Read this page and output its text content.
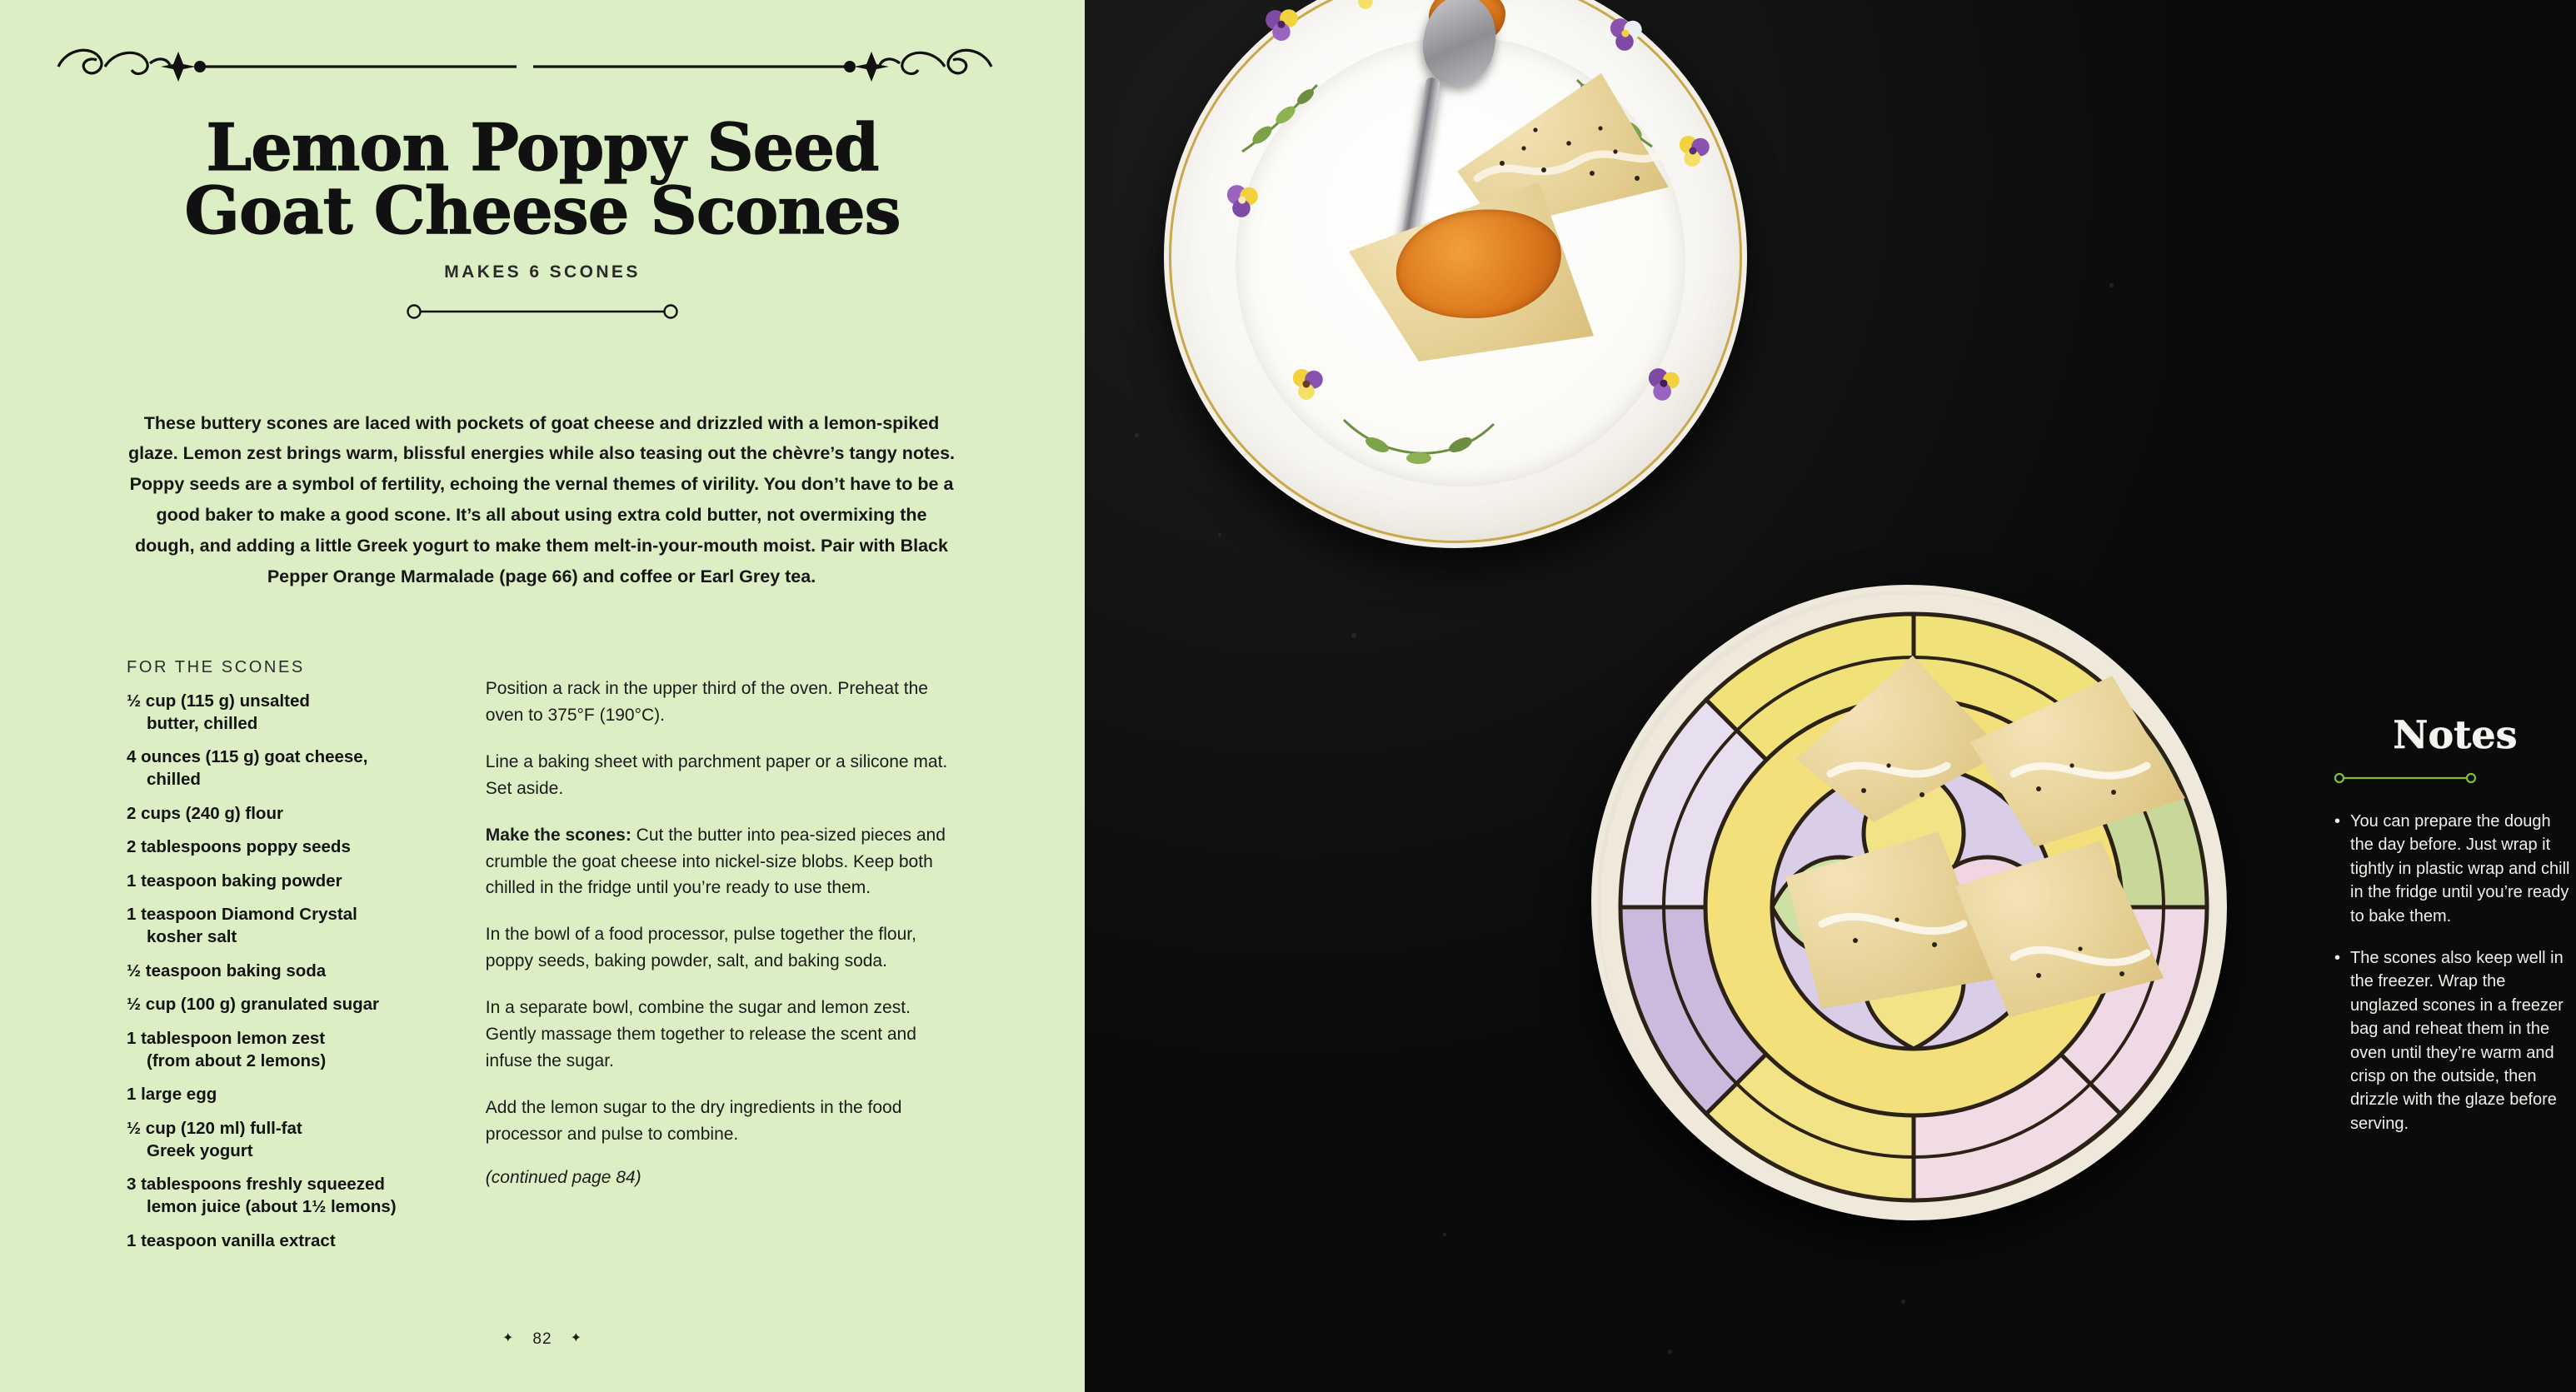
Lemon Poppy Seed
Goat Cheese Scones
MAKES 6 SCONES

These buttery scones are laced with pockets of goat cheese and drizzled with a lemon-spiked glaze. Lemon zest brings warm, blissful energies while also teasing out the chèvre’s tangy notes. Poppy seeds are a symbol of fertility, echoing the vernal themes of virility. You don’t have to be a good baker to make a good scone. It’s all about using extra cold butter, not overmixing the dough, and adding a little Greek yogurt to make them melt-in-your-mouth moist. Pair with Black Pepper Orange Marmalade (page 66) and coffee or Earl Grey tea.

FOR THE SCONES
½ cup (115 g) unsalted
butter, chilled
4 ounces (115 g) goat cheese,
chilled
2 cups (240 g) flour
2 tablespoons poppy seeds
1 teaspoon baking powder
1 teaspoon Diamond Crystal
kosher salt
½ teaspoon baking soda
½ cup (100 g) granulated sugar
1 tablespoon lemon zest
(from about 2 lemons)
1 large egg
½ cup (120 ml) full-fat
Greek yogurt
3 tablespoons freshly squeezed
lemon juice (about 1½ lemons)
1 teaspoon vanilla extract

Position a rack in the upper third of the oven. Preheat the oven to 375°F (190°C).

Line a baking sheet with parchment paper or a silicone mat. Set aside.

Make the scones: Cut the butter into pea-sized pieces and crumble the goat cheese into nickel-size blobs. Keep both chilled in the fridge until you’re ready to use them.

In the bowl of a food processor, pulse together the flour, poppy seeds, baking powder, salt, and baking soda.

In a separate bowl, combine the sugar and lemon zest. Gently massage them together to release the scent and infuse the sugar.

Add the lemon sugar to the dry ingredients in the food processor and pulse to combine.

(continued page 84)

✦ 82 ✦
Notes
• You can prepare the dough the day before. Just wrap it tightly in plastic wrap and chill in the fridge until you’re ready to bake them.
• The scones also keep well in the freezer. Wrap the unglazed scones in a freezer bag and reheat them in the oven until they’re warm and crisp on the outside, then drizzle with the glaze before serving.
